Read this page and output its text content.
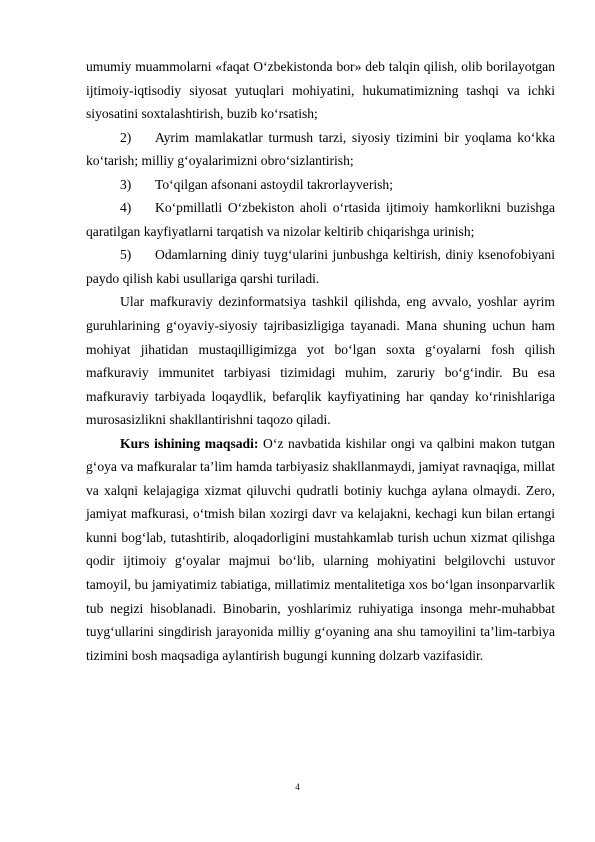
umumiy muammolarni «faqat O‘zbekistonda bor» deb talqin qilish, olib borilayotgan ijtimoiy-iqtisodiy siyosat yutuqlari mohiyatini, hukumatimizning tashqi va ichki siyosatini soxtalashtirish, buzib ko‘rsatish;

2) Ayrim mamlakatlar turmush tarzi, siyosiy tizimini bir yoqlama ko‘kka ko‘tarish; milliy g‘oyalarimizni obro‘sizlantirish;

3) To‘qilgan afsonani astoydil takrorlayverish;

4) Ko‘pmillatli O‘zbekiston aholi o‘rtasida ijtimoiy hamkorlikni buzishga qaratilgan kayfiyatlarni tarqatish va nizolar keltirib chiqarishga urinish;

5) Odamlarning diniy tuyg‘ularini junbushga keltirish, diniy ksenofobiyani paydo qilish kabi usullariga qarshi turiladi.

Ular mafkuraviy dezinformatsiya tashkil qilishda, eng avvalo, yoshlar ayrim guruhlarining g‘oyaviy-siyosiy tajribasizligiga tayanadi. Mana shuning uchun ham mohiyat jihatidan mustaqilligimizga yot bo‘lgan soxta g‘oyalarni fosh qilish mafkuraviy immunitet tarbiyasi tizimidagi muhim, zaruriy bo‘g‘indir. Bu esa mafkuraviy tarbiyada loqaydlik, befarqlik kayfiyatining har qanday ko‘rinishlariga murosasizlikni shakllantirishni taqozo qiladi.

Kurs ishining maqsadi: O‘z navbatida kishilar ongi va qalbini makon tutgan g‘oya va mafkuralar ta’lim hamda tarbiyasiz shakllanmaydi, jamiyat ravnaqiga, millat va xalqni kelajagiga xizmat qiluvchi qudratli botiniy kuchga aylana olmaydi. Zero, jamiyat mafkurasi, o‘tmish bilan xozirgi davr va kelajakni, kechagi kun bilan ertangi kunni bog‘lab, tutashtirib, aloqadorligini mustahkamlab turish uchun xizmat qilishga qodir ijtimoiy g‘oyalar majmui bo‘lib, ularning mohiyatini belgilovchi ustuvor tamoyil, bu jamiyatimiz tabiatiga, millatimiz mentalitetiga xos bo‘lgan insonparvarlik tub negizi hisoblanadi. Binobarin, yoshlarimiz ruhiyatiga insonga mehr-muhabbat tuyg‘ullarini singdirish jarayonida milliy g‘oyaning ana shu tamoyilini ta’lim-tarbiya tizimini bosh maqsadiga aylantirish bugungi kunning dolzarb vazifasidir.

4
